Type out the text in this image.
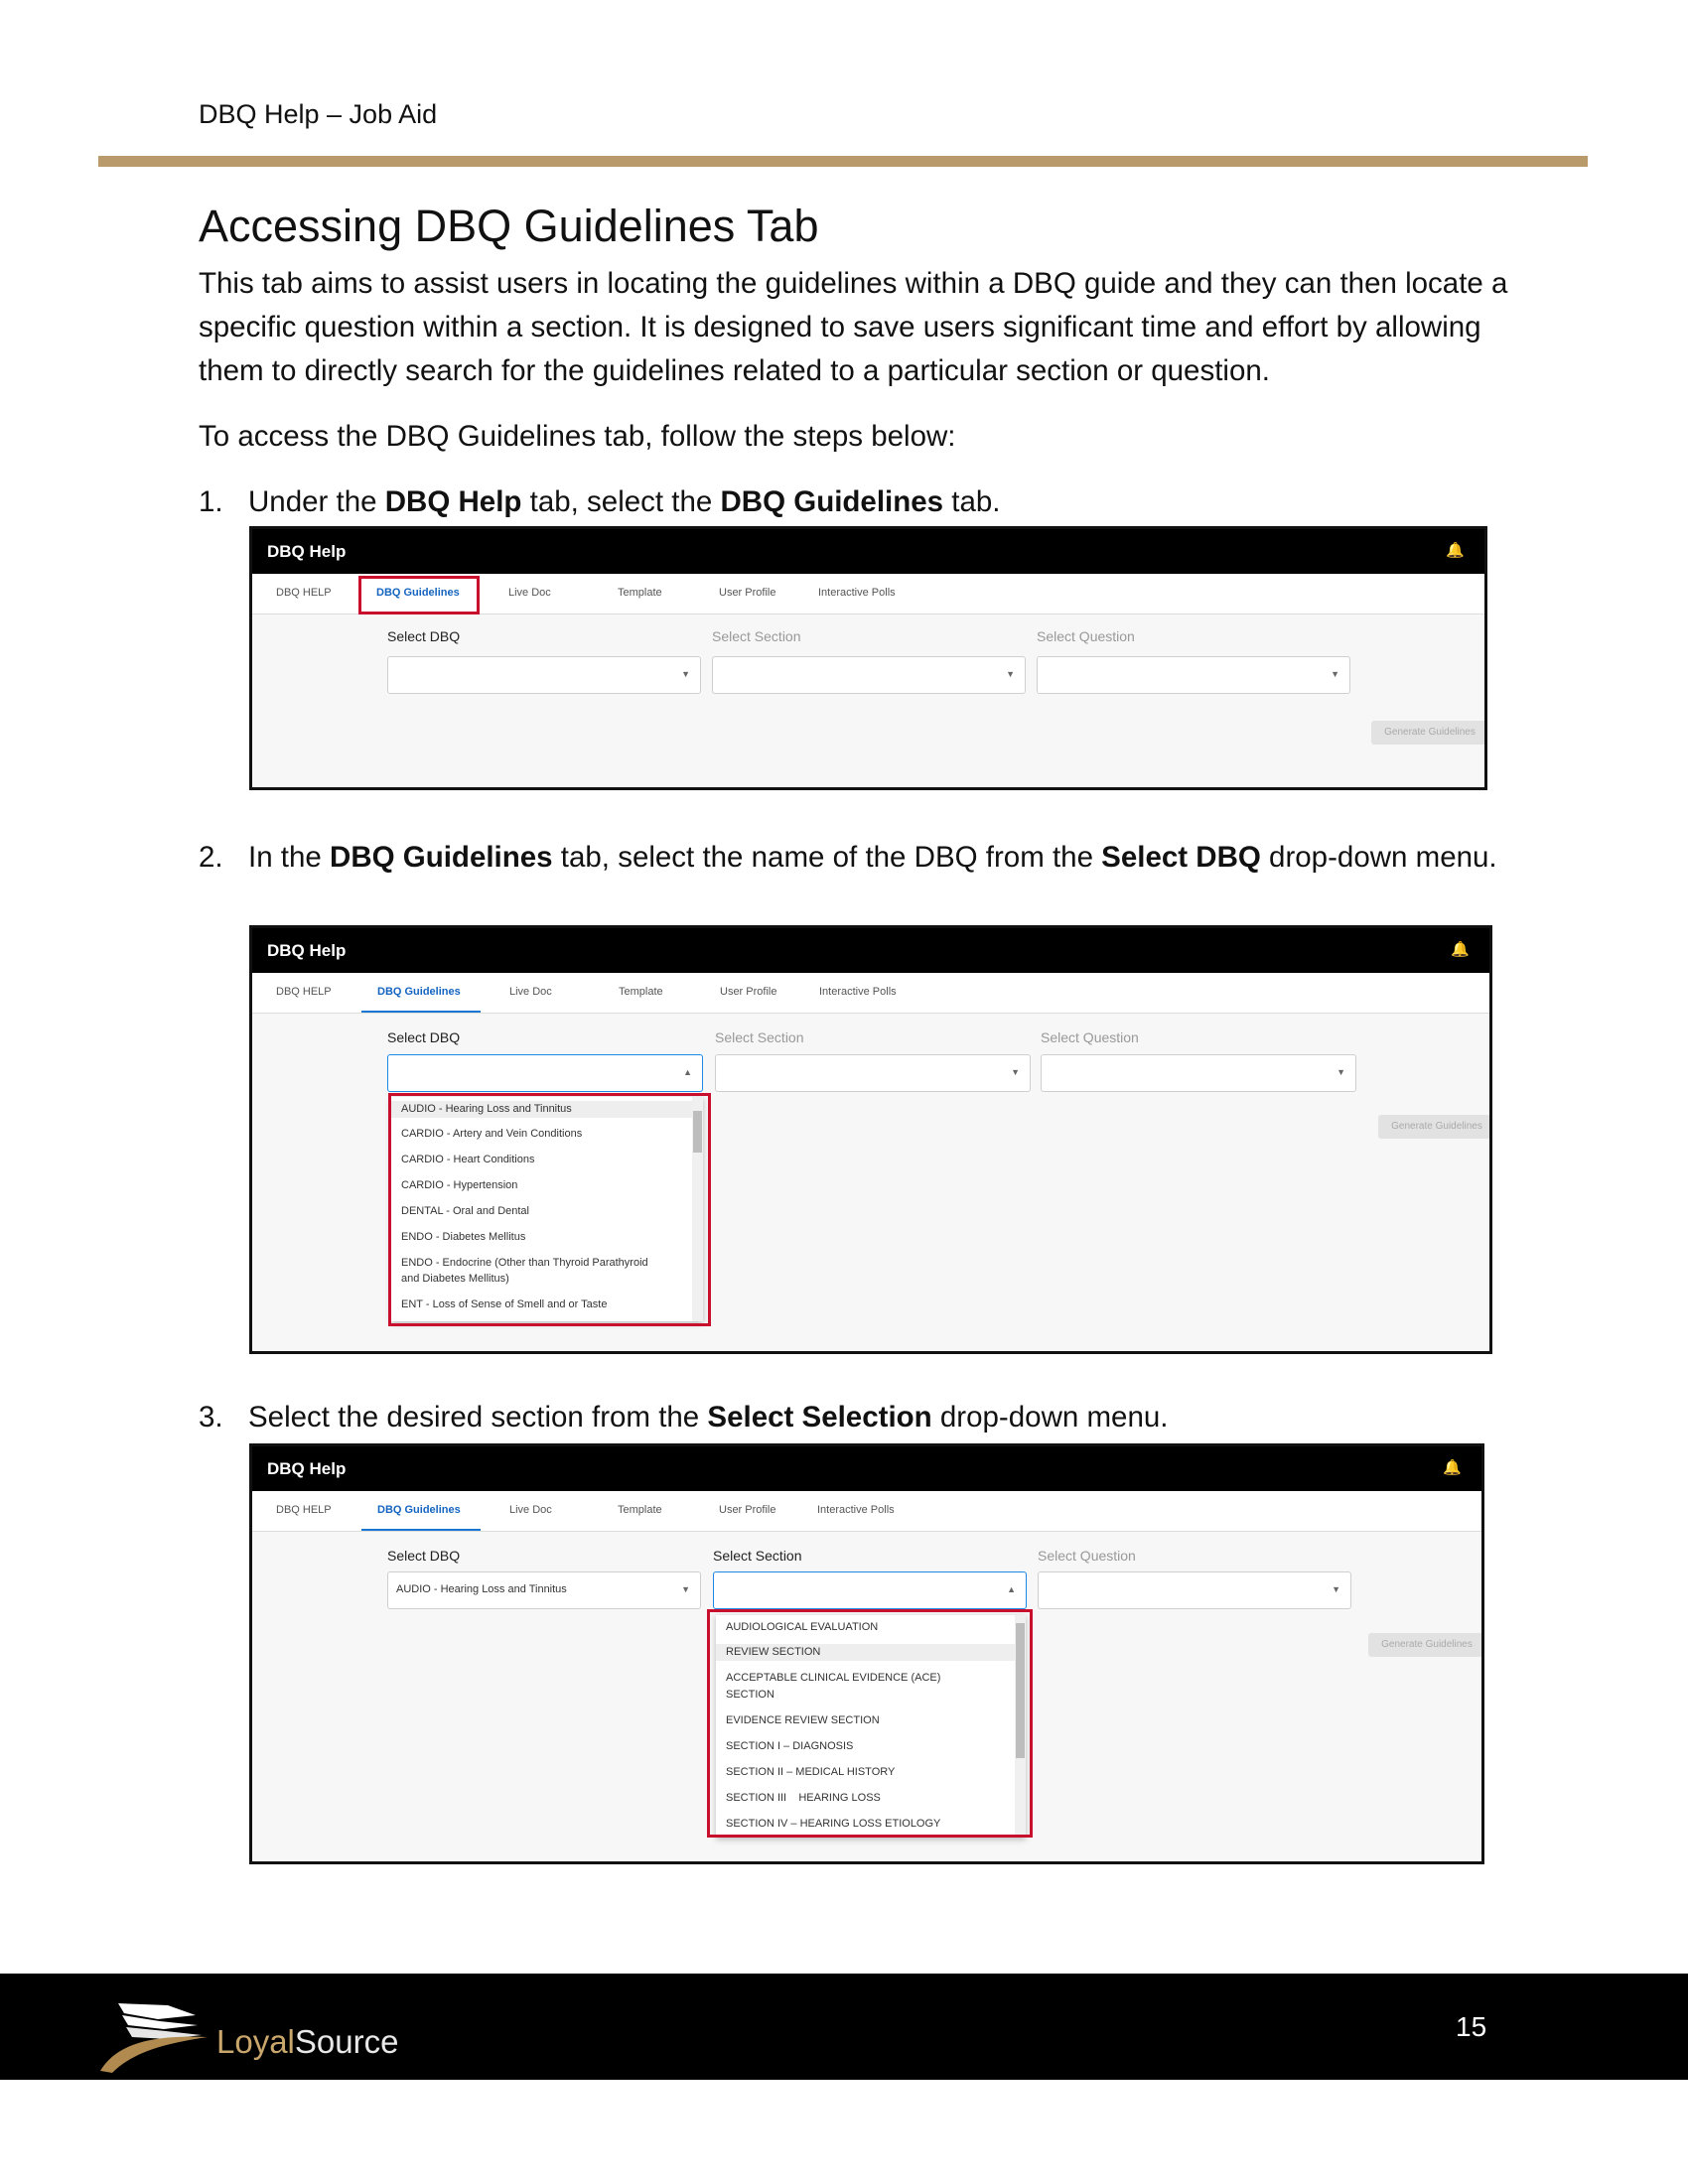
DBQ Help – Job Aid
Accessing DBQ Guidelines Tab
This tab aims to assist users in locating the guidelines within a DBQ guide and they can then locate a specific question within a section. It is designed to save users significant time and effort by allowing them to directly search for the guidelines related to a particular section or question.
To access the DBQ Guidelines tab, follow the steps below:
1. Under the DBQ Help tab, select the DBQ Guidelines tab.
DBQ Help	🔔
DBQ HELP	DBQ Guidelines	Live Doc	Template	User Profile	Interactive Polls
Select DBQ	Select Section	Select Question
▼	▼	▼
Generate Guidelines
2. In the DBQ Guidelines tab, select the name of the DBQ from the Select DBQ drop-down menu.
DBQ Help	🔔
DBQ HELP	DBQ Guidelines	Live Doc	Template	User Profile	Interactive Polls
Select DBQ	Select Section	Select Question
▲	▼	▼
Generate Guidelines
AUDIO - Hearing Loss and Tinnitus
CARDIO - Artery and Vein Conditions
CARDIO - Heart Conditions
CARDIO - Hypertension
DENTAL - Oral and Dental
ENDO - Diabetes Mellitus
ENDO - Endocrine (Other than Thyroid Parathyroid
and Diabetes Mellitus)
ENT - Loss of Sense of Smell and or Taste
3. Select the desired section from the Select Selection drop-down menu.
DBQ Help	🔔
DBQ HELP	DBQ Guidelines	Live Doc	Template	User Profile	Interactive Polls
Select DBQ	Select Section	Select Question
AUDIO - Hearing Loss and Tinnitus	▼	▲	▼
Generate Guidelines
AUDIOLOGICAL EVALUATION
REVIEW SECTION
ACCEPTABLE CLINICAL EVIDENCE (ACE)
SECTION
EVIDENCE REVIEW SECTION
SECTION I – DIAGNOSIS
SECTION II – MEDICAL HISTORY
SECTION III    HEARING LOSS
SECTION IV – HEARING LOSS ETIOLOGY
LoyalSource	15
